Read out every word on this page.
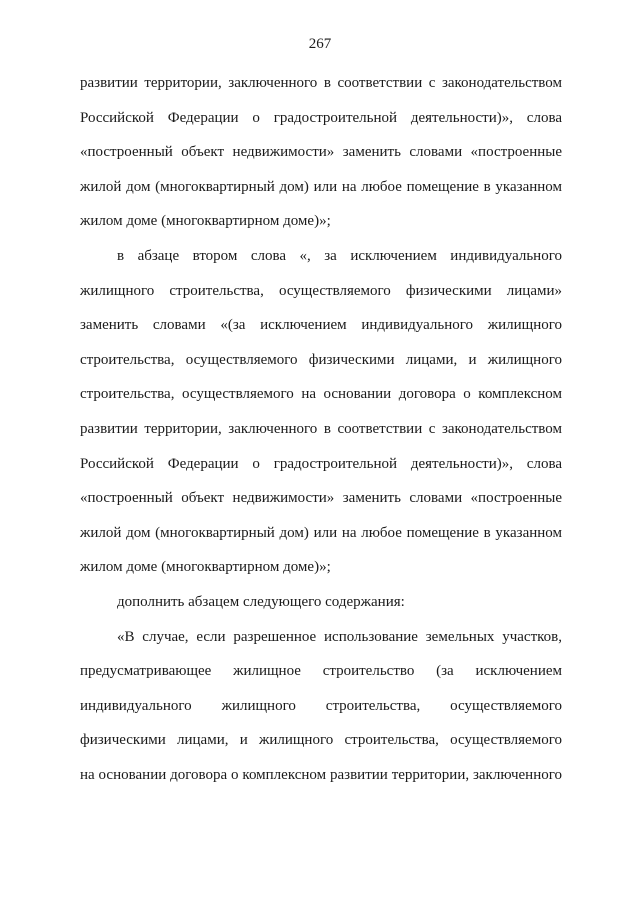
267
развитии территории, заключенного в соответствии с законодательством
Российской Федерации о градостроительной деятельности)», слова
«построенный объект недвижимости» заменить словами «построенные
жилой дом (многоквартирный дом) или на любое помещение в указанном
жилом доме (многоквартирном доме)»;
в абзаце втором слова «, за исключением индивидуального
жилищного строительства, осуществляемого физическими лицами»
заменить словами «(за исключением индивидуального жилищного
строительства, осуществляемого физическими лицами, и жилищного
строительства, осуществляемого на основании договора о комплексном
развитии территории, заключенного в соответствии с законодательством
Российской Федерации о градостроительной деятельности)», слова
«построенный объект недвижимости» заменить словами «построенные
жилой дом (многоквартирный дом) или на любое помещение в указанном
жилом доме (многоквартирном доме)»;
дополнить абзацем следующего содержания:
«В случае, если разрешенное использование земельных участков,
предусматривающее жилищное строительство (за исключением
индивидуального жилищного строительства, осуществляемого
физическими лицами, и жилищного строительства, осуществляемого
на основании договора о комплексном развитии территории, заключенного
